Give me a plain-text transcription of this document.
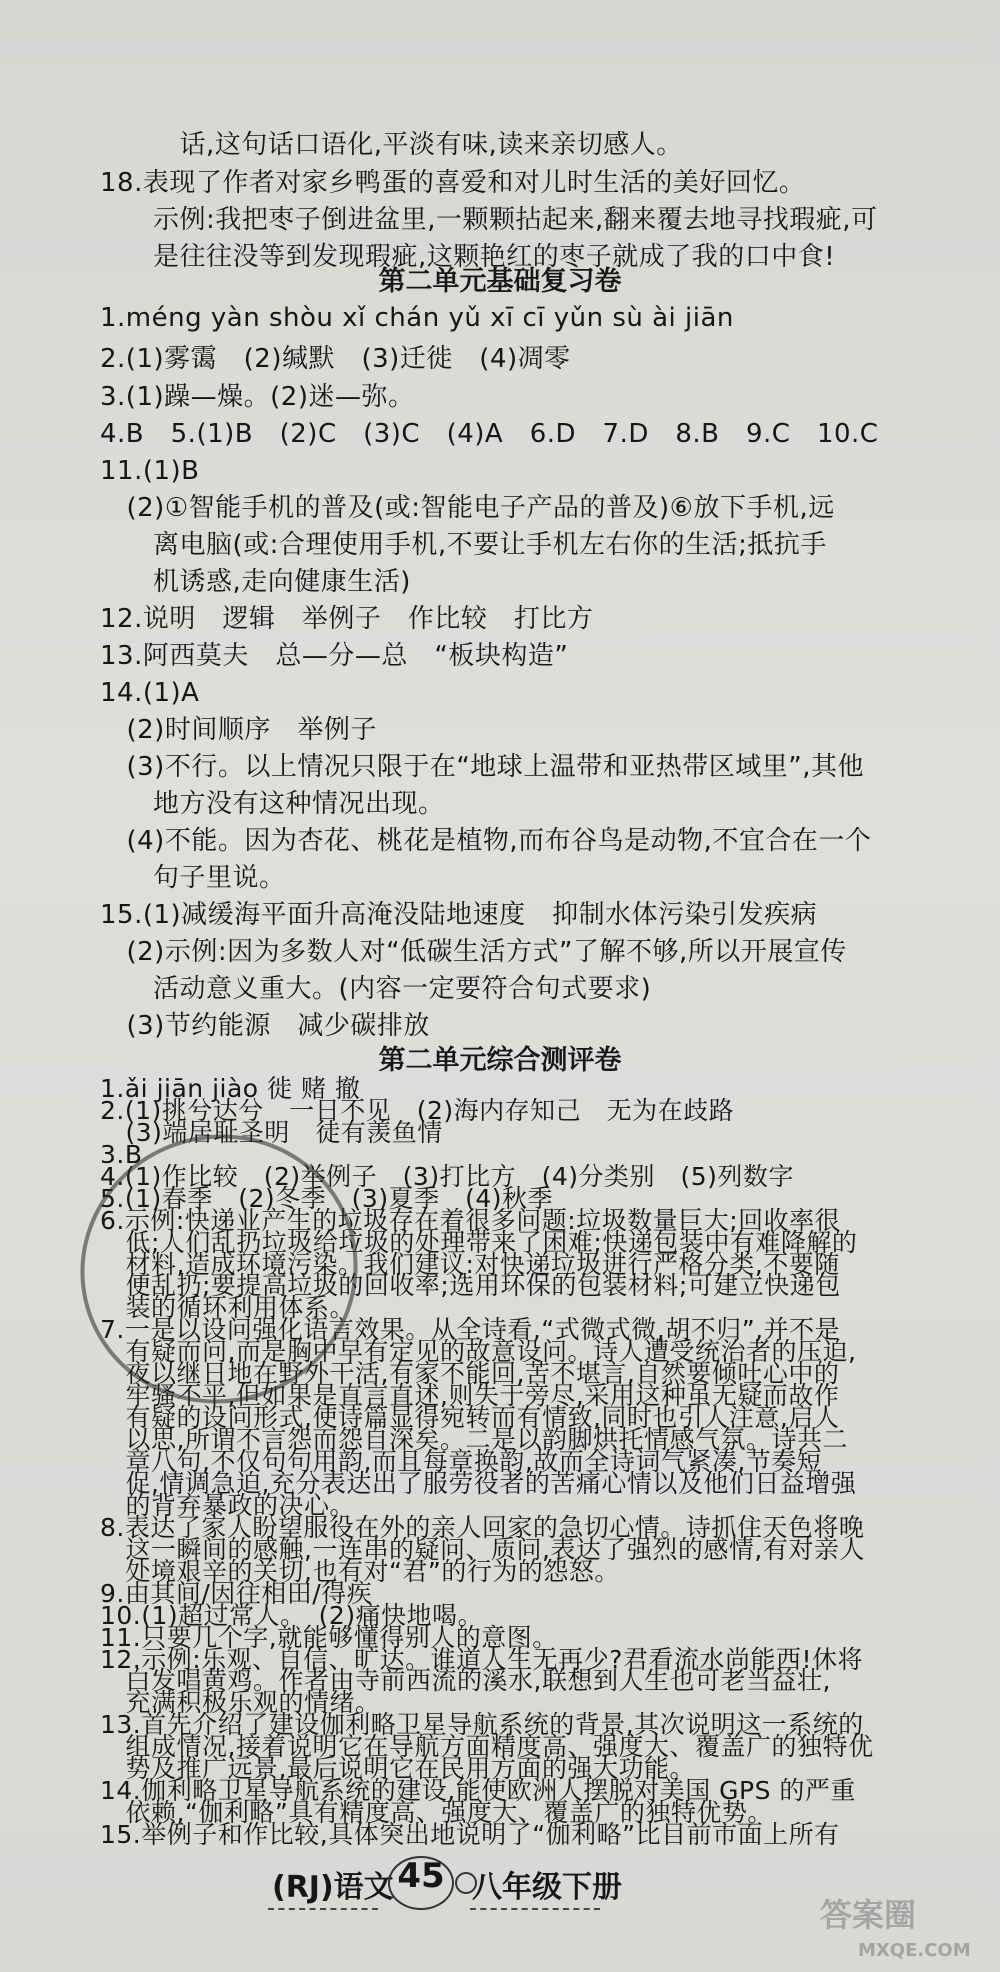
　　　话,这句话口语化,平淡有味,读来亲切感人。
18.表现了作者对家乡鸭蛋的喜爱和对儿时生活的美好回忆。
　　示例:我把枣子倒进盆里,一颗颗拈起来,翻来覆去地寻找瑕疵,可
　　是往往没等到发现瑕疵,这颗艳红的枣子就成了我的口中食!
第二单元基础复习卷
1.méng yàn shòu xǐ chán yǔ xī cī yǔn sù ài jiān
2.(1)雾霭　(2)缄默　(3)迁徙　(4)凋零
3.(1)躁—燥。(2)迷—弥。
4.B　5.(1)B　(2)C　(3)C　(4)A　6.D　7.D　8.B　9.C　10.C
11.(1)B
　(2)①智能手机的普及(或:智能电子产品的普及)⑥放下手机,远
　　离电脑(或:合理使用手机,不要让手机左右你的生活;抵抗手
　　机诱惑,走向健康生活)
12.说明　逻辑　举例子　作比较　打比方
13.阿西莫夫　总—分—总　“板块构造”
14.(1)A
　(2)时间顺序　举例子
　(3)不行。以上情况只限于在“地球上温带和亚热带区域里”,其他
　　地方没有这种情况出现。
　(4)不能。因为杏花、桃花是植物,而布谷鸟是动物,不宜合在一个
　　句子里说。
15.(1)减缓海平面升高淹没陆地速度　抑制水体污染引发疾病
　(2)示例:因为多数人对“低碳生活方式”了解不够,所以开展宣传
　　活动意义重大。(内容一定要符合句式要求)
　(3)节约能源　减少碳排放
第二单元综合测评卷
1.ǎi jiān jiào 徙 赌 撤
2.(1)挑兮达兮　一日不见　(2)海内存知己　无为在歧路
　(3)端居耻圣明　徒有羡鱼情
3.B
4.(1)作比较　(2)举例子　(3)打比方　(4)分类别　(5)列数字
5.(1)春季　(2)冬季　(3)夏季　(4)秋季
6.示例:快递业产生的垃圾存在着很多问题:垃圾数量巨大;回收率很
　低;人们乱扔垃圾给垃圾的处理带来了困难;快递包装中有难降解的
　材料,造成环境污染。我们建议:对快递垃圾进行严格分类,不要随
　便乱扔;要提高垃圾的回收率;选用环保的包装材料;可建立快递包
　装的循环利用体系。
7.一是以设问强化语言效果。从全诗看,“式微式微,胡不归”,并不是
　有疑而问,而是胸中早有定见的故意设问。诗人遭受统治者的压迫,
　夜以继日地在野外干活,有家不能回,苦不堪言,自然要倾吐心中的
　牢骚不平,但如果是直言直述,则失于旁尽,采用这种虽无疑而故作
　有疑的设问形式,使诗篇显得宛转而有情致,同时也引人注意,启人
　以思,所谓不言怨而怨自深矣。二是以韵脚烘托情感气氛。诗共二
　章八句,不仅句句用韵,而且每章换韵,故而全诗词气紧凑,节奏短
　促,情调急迫,充分表达出了服劳役者的苦痛心情以及他们日益增强
　的背弃暴政的决心。
8.表达了家人盼望服役在外的亲人回家的急切心情。诗抓住天色将晚
(RJ)语文 45 八年级下册
答案圈
MXQE.COM
　这一瞬间的感触,一连串的疑问、质问,表达了强烈的感情,有对亲人
　处境艰辛的关切,也有对“君”的行为的怨怒。
9.由其间/因往相田/得疾
10.(1)超过常人。　(2)痛快地喝。
11.只要几个字,就能够懂得别人的意图。
12.示例:乐观、自信、旷达。谁道人生无再少?君看流水尚能西!休将
　白发唱黄鸡。作者由寺前西流的溪水,联想到人生也可老当益壮,
　充满积极乐观的情绪。
13.首先介绍了建设伽利略卫星导航系统的背景,其次说明这一系统的
　组成情况,接着说明它在导航方面精度高、强度大、覆盖广的独特优
　势及推广远景,最后说明它在民用方面的强大功能。
14.伽利略卫星导航系统的建设,能使欧洲人摆脱对美国 GPS 的严重
　依赖,“伽利略”具有精度高、强度大、覆盖广的独特优势。
15.举例子和作比较,具体突出地说明了“伽利略”比目前市面上所有
